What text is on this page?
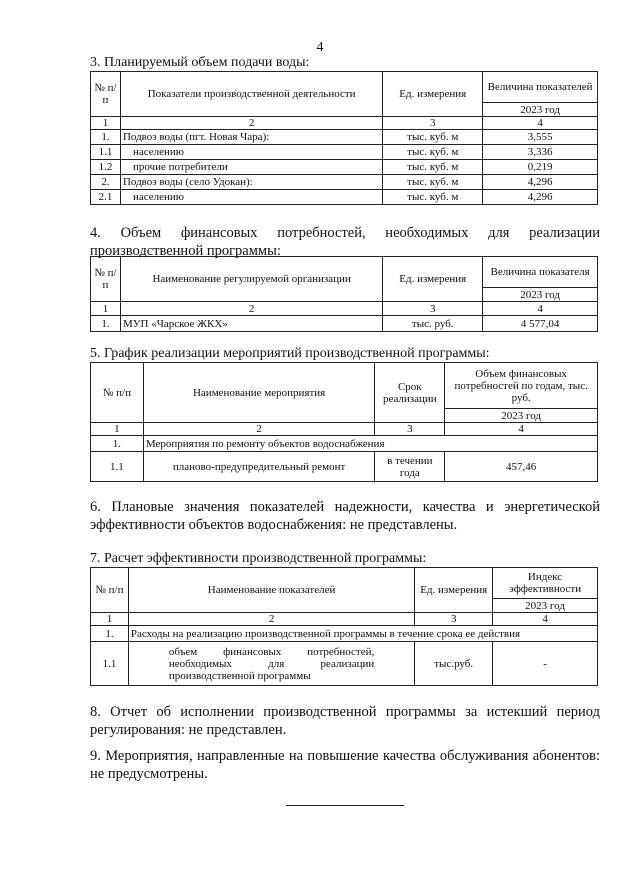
4
3. Планируемый объем подачи воды:
№ п/п	Показатели производственной деятельности	Ед. измерения	Величина показателей
			2023 год
1	2	3	4
1.	Подвоз воды (пгт. Новая Чара):	тыс. куб. м	3,555
1.1	населению	тыс. куб. м	3,336
1.2	прочие потребители	тыс. куб. м	0,219
2.	Подвоз воды (село Удокан):	тыс. куб. м	4,296
2.1	населению	тыс. куб. м	4,296
4. Объем финансовых потребностей, необходимых для реализации производственной программы:
№ п/п	Наименование регулируемой организации	Ед. измерения	Величина показателя
			2023 год
1	2	3	4
1.	МУП «Чарское ЖКХ»	тыс. руб.	4 577,04
5. График реализации мероприятий производственной программы:
№ п/п	Наименование мероприятия	Срок реализации	Объем финансовых потребностей по годам, тыс. руб.
			2023 год
1	2	3	4
1.	Мероприятия по ремонту объектов водоснабжения		
1.1	планово-предупредительный ремонт	в течении года	457,46
6. Плановые значения показателей надежности, качества и энергетической эффективности объектов водоснабжения: не представлены.
7. Расчет эффективности производственной программы:
№ п/п	Наименование показателей	Ед. измерения	Индекс эффективности
			2023 год
1	2	3	4
1.	Расходы на реализацию производственной программы в течение срока ее действия		
1.1	объем финансовых потребностей, необходимых для реализации производственной программы	тыс.руб.	-
8. Отчет об исполнении производственной программы за истекший период регулирования: не представлен.
9. Мероприятия, направленные на повышение качества обслуживания абонентов: не предусмотрены.
